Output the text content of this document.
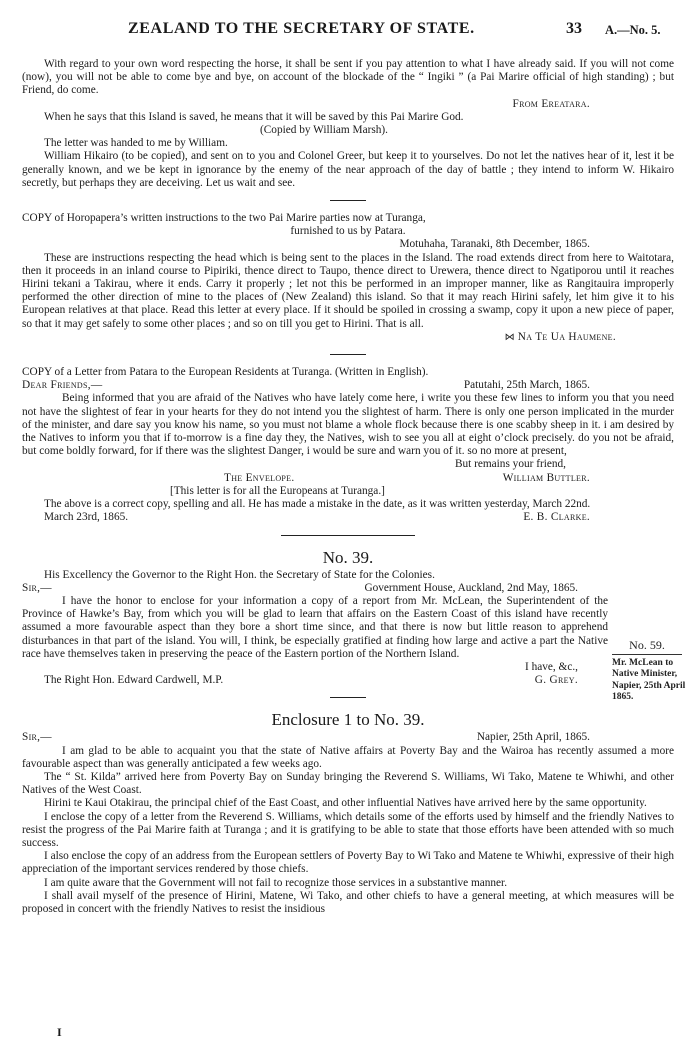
ZEALAND TO THE SECRETARY OF STATE.	33 A.—No. 5.

With regard to your own word respecting the horse, it shall be sent if you pay attention to what I have already said. If you will not come (now), you will not be able to come bye and bye, on account of the blockade of the “ Ingiki ” (a Pai Marire official of high standing) ; but Friend, do come.

From Ereatara.

When he says that this Island is saved, he means that it will be saved by this Pai Marire God.

(Copied by William Marsh).

The letter was handed to me by William.

William Hikairo (to be copied), and sent on to you and Colonel Greer, but keep it to yourselves. Do not let the natives hear of it, lest it be generally known, and we be kept in ignorance by the enemy of the near approach of the day of battle ; they intend to inform W. Hikairo secretly, but perhaps they are deceiving. Let us wait and see.

COPY of Horopapera’s written instructions to the two Pai Marire parties now at Turanga,

furnished to us by Patara.

Motuhaha, Taranaki, 8th December, 1865.

These are instructions respecting the head which is being sent to the places in the Island. The road extends direct from here to Waitotara, then it proceeds in an inland course to Pipiriki, thence direct to Taupo, thence direct to Urewera, thence direct to Ngatiporou until it reaches Hirini tekani a Takirau, where it ends. Carry it properly ; let not this be performed in an improper manner, like as Rangitauira improperly performed the other direction of mine to the places of (New Zealand) this island. So that it may reach Hirini safely, let him give it to his European relatives at that place. Read this letter at every place. If it should be spoiled in crossing a swamp, copy it upon a new piece of paper, so that it may get safely to some other places ; and so on till you get to Hirini. That is all.

⋈ Na Te Ua Haumene.

COPY of a Letter from Patara to the European Residents at Turanga. (Written in English).

Dear Friends,—	Patutahi, 25th March, 1865.

Being informed that you are afraid of the Natives who have lately come here, i write you these few lines to inform you that you need not have the slightest of fear in your hearts for they do not intend you the slightest of harm. There is only one person implicated in the murder of the minister, and dare say you know his name, so you must not blame a whole flock because there is one scabby sheep in it. i am desired by the Natives to inform you that if to-morrow is a fine day they, the Natives, wish to see you all at eight o’clock precisely. do you not be afraid, but come boldly forward, for if there was the slightest Danger, i would be sure and warn you of it. so no more at present,

But remains your friend,

The Envelope.	William Buttler.

[This letter is for all the Europeans at Turanga.]

The above is a correct copy, spelling and all. He has made a mistake in the date, as it was written yesterday, March 22nd.

March 23rd, 1865.	E. B. Clarke.
No. 39.

His Excellency the Governor to the Right Hon. the Secretary of State for the Colonies.

Sir,—	Government House, Auckland, 2nd May, 1865.

I have the honor to enclose for your information a copy of a report from Mr. McLean, the Superintendent of the Province of Hawke’s Bay, from which you will be glad to learn that affairs on the Eastern Coast of this island have recently assumed a more favourable aspect than they bore a short time since, and that there is now but little reason to apprehend disturbances in that part of the island. You will, I think, be especially gratified at finding how large and active a part the Native race have themselves taken in preserving the peace of the Eastern portion of the Northern Island.

I have, &c.,

The Right Hon. Edward Cardwell, M.P.	G. Grey.
Enclosure 1 to No. 39.
Sir,—	Napier, 25th April, 1865.

I am glad to be able to acquaint you that the state of Native affairs at Poverty Bay and the Wairoa has recently assumed a more favourable aspect than was generally anticipated a few weeks ago.

The “ St. Kilda” arrived here from Poverty Bay on Sunday bringing the Reverend S. Williams, Wi Tako, Matene te Whiwhi, and other Natives of the West Coast.

Hirini te Kaui Otakirau, the principal chief of the East Coast, and other influential Natives have arrived here by the same opportunity.

I enclose the copy of a letter from the Reverend S. Williams, which details some of the efforts used by himself and the friendly Natives to resist the progress of the Pai Marire faith at Turanga ; and it is gratifying to be able to state that those efforts have been attended with so much success.

I also enclose the copy of an address from the European settlers of Poverty Bay to Wi Tako and Matene te Whiwhi, expressive of their high appreciation of the important services rendered by those chiefs.

I am quite aware that the Government will not fail to recognize those services in a substantive manner.

I shall avail myself of the presence of Hirini, Matene, Wi Tako, and other chiefs to have a general meeting, at which measures will be proposed in concert with the friendly Natives to resist the insidious

No. 59.
Mr. McLean to Native Minister, Napier, 25th April 1865.
I
